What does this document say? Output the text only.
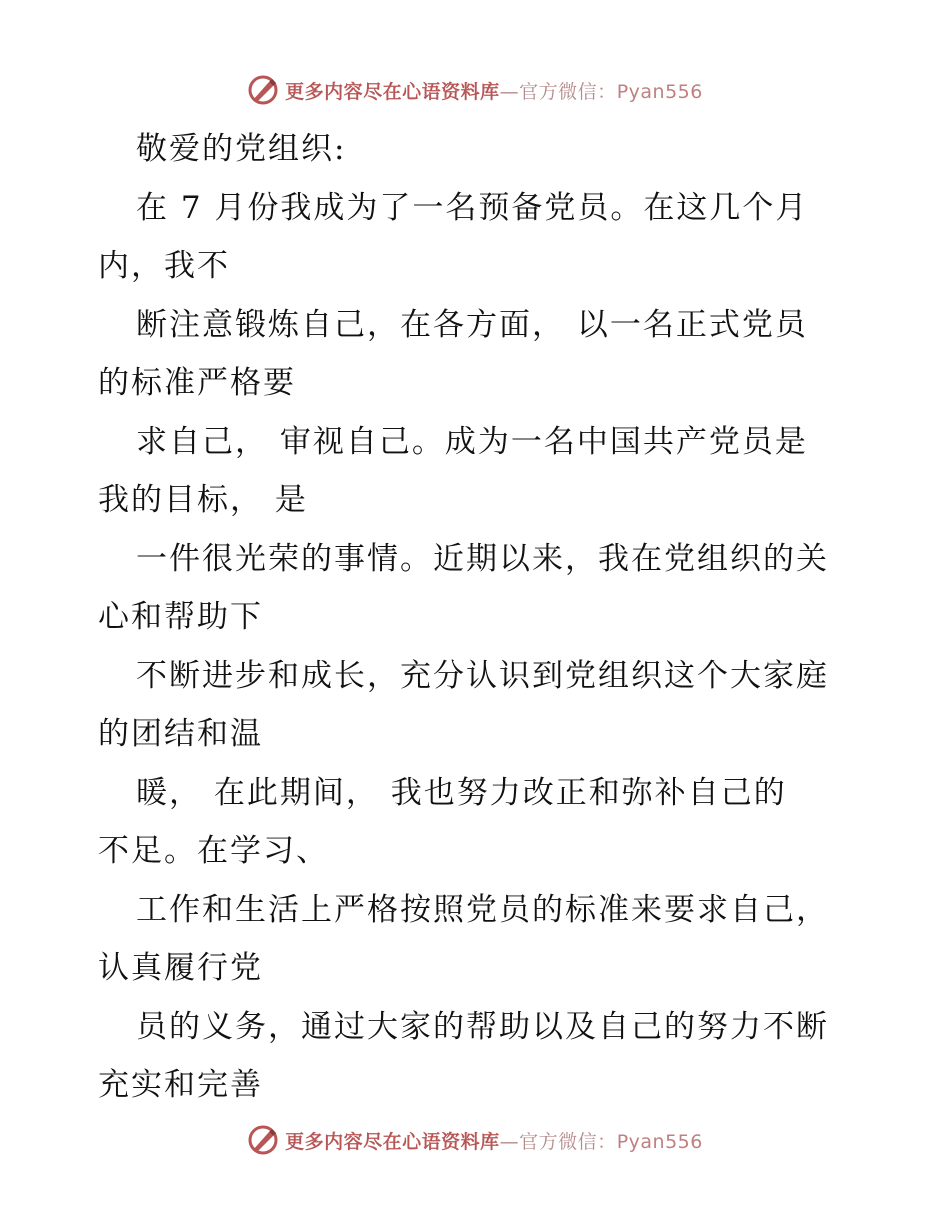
更多内容尽在心语资料库—官方微信：Pyan556
敬爱的党组织:
在 7 月份我成为了一名预备党员。在这几个月
内，我不
断注意锻炼自己，在各方面， 以一名正式党员
的标准严格要
求自己， 审视自己。成为一名中国共产党员是
我的目标， 是
一件很光荣的事情。近期以来，我在党组织的关
心和帮助下
不断进步和成长，充分认识到党组织这个大家庭
的团结和温
暖， 在此期间， 我也努力改正和弥补自己的
不足。在学习、
工作和生活上严格按照党员的标准来要求自己，
认真履行党
员的义务，通过大家的帮助以及自己的努力不断
充实和完善
更多内容尽在心语资料库—官方微信：Pyan556
